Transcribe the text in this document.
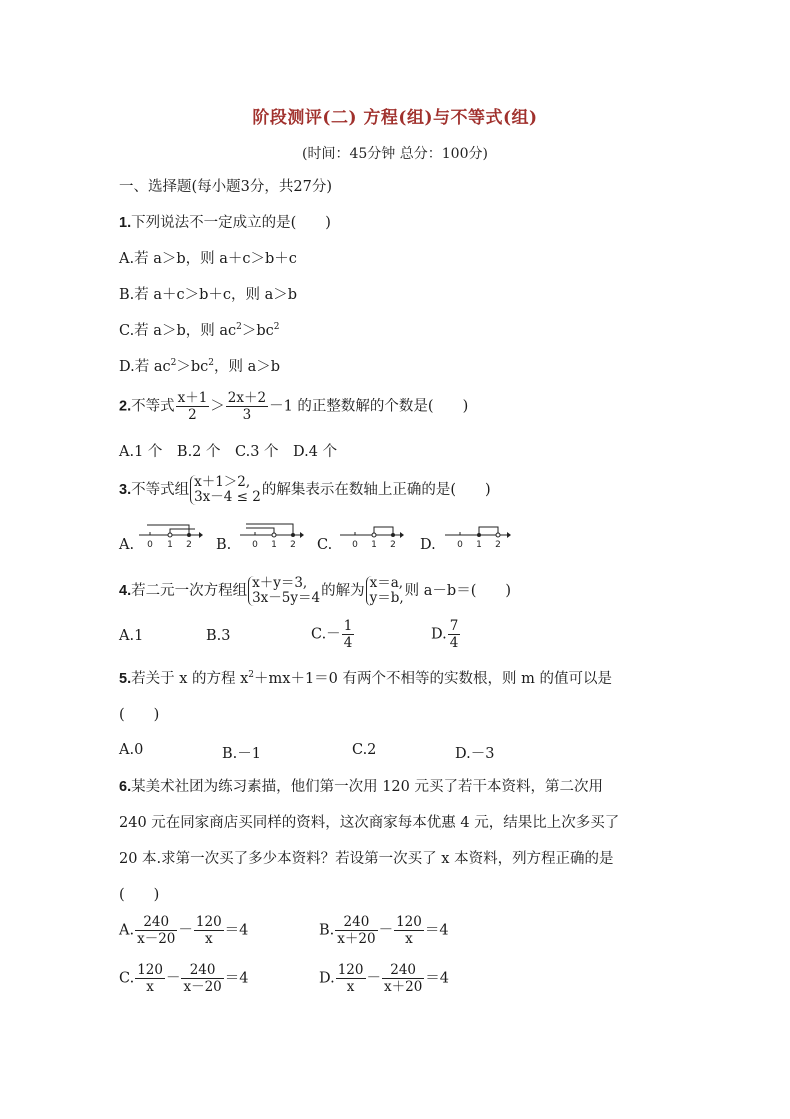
阶段测评(二) 方程(组)与不等式(组)
(时间：45分钟 总分：100分)
一、选择题(每小题3分，共27分)
1.下列说法不一定成立的是(　　)
A.若 a＞b，则 a＋c＞b＋c
B.若 a＋c＞b＋c，则 a＞b
C.若 a＞b，则 $ac^2>bc^2$
D.若 $ac^2>bc^2$，则 a＞b
2.不等式 $\frac{x+1}{2} > \frac{2x+2}{3} -1$ 的正整数解的个数是(　　)
A.1 个　B.2 个　C.3 个　D.4 个
3.不等式组 x＋1＞2,
3x－4 ≤ 2 的解集表示在数轴上正确的是(　　)
A. 0 1 2 B. 0 1 2 C. 0 1 2 D. 0 1 2
4.若二元一次方程组 x＋y＝3,
3x－5y＝4 的解为 x＝a,
y＝b, 则 a－b＝(　　)
A.1	B.3	$C.- \frac{1}{4}$	D. $\frac{7}{4}$
5.若关于 x 的方程 $x^2+mx+1=0$ 有两个不相等的实数根，则 m 的值可以是
(　　)
A.0	B.－1	C.2	D.－3
6.某美术社团为练习素描，他们第一次用 120 元买了若干本资料，第二次用
240 元在同家商店买同样的资料，这次商家每本优惠 4 元，结果比上次多买了
20 本.求第一次买了多少本资料？若设第一次买了 x 本资料，列方程正确的是
(　　)
A. $\frac{240}{x-20} - \frac{120}{x} =4$	B. $\frac{240}{x+20} - \frac{120}{x} =4$
C. $\frac{120}{x} - \frac{240}{x-20} =4$	D. $\frac{120}{x} - \frac{240}{x+20} =4$
